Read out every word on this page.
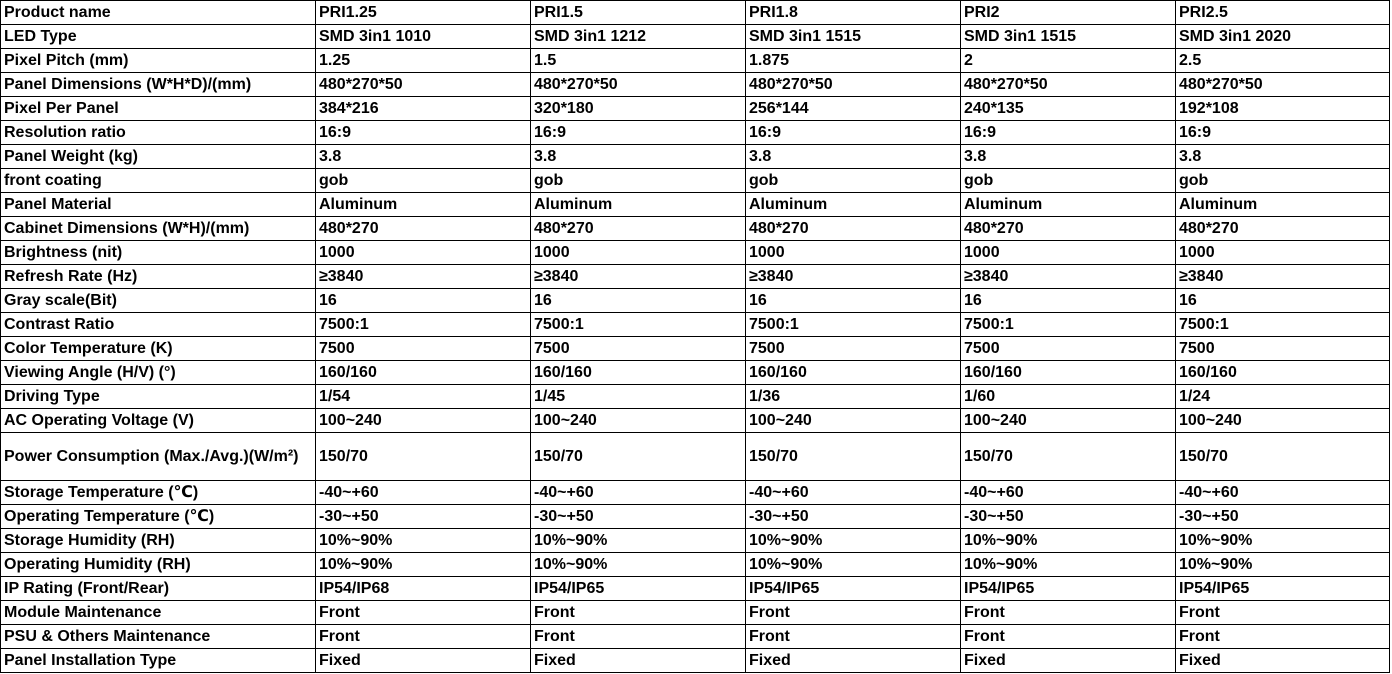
Product name	PRI1.25	PRI1.5	PRI1.8	PRI2	PRI2.5
LED Type	SMD 3in1 1010	SMD 3in1 1212	SMD 3in1 1515	SMD 3in1 1515	SMD 3in1 2020
Pixel Pitch (mm)	1.25	1.5	1.875	2	2.5
Panel Dimensions (W*H*D)/(mm)	480*270*50	480*270*50	480*270*50	480*270*50	480*270*50
Pixel Per Panel	384*216	320*180	256*144	240*135	192*108
Resolution ratio	16:9	16:9	16:9	16:9	16:9
Panel Weight (kg)	3.8	3.8	3.8	3.8	3.8
front coating	gob	gob	gob	gob	gob
Panel Material	Aluminum	Aluminum	Aluminum	Aluminum	Aluminum
Cabinet Dimensions (W*H)/(mm)	480*270	480*270	480*270	480*270	480*270
Brightness (nit)	1000	1000	1000	1000	1000
Refresh Rate (Hz)	≥3840	≥3840	≥3840	≥3840	≥3840
Gray scale(Bit)	16	16	16	16	16
Contrast Ratio	7500:1	7500:1	7500:1	7500:1	7500:1
Color Temperature (K)	7500	7500	7500	7500	7500
Viewing Angle (H/V) (°)	160/160	160/160	160/160	160/160	160/160
Driving Type	1/54	1/45	1/36	1/60	1/24
AC Operating Voltage (V)	100~240	100~240	100~240	100~240	100~240
Power Consumption (Max./Avg.)(W/m²)	150/70	150/70	150/70	150/70	150/70
Storage Temperature (℃)	-40~+60	-40~+60	-40~+60	-40~+60	-40~+60
Operating Temperature (℃)	-30~+50	-30~+50	-30~+50	-30~+50	-30~+50
Storage Humidity (RH)	10%~90%	10%~90%	10%~90%	10%~90%	10%~90%
Operating Humidity (RH)	10%~90%	10%~90%	10%~90%	10%~90%	10%~90%
IP Rating (Front/Rear)	IP54/IP68	IP54/IP65	IP54/IP65	IP54/IP65	IP54/IP65
Module Maintenance	Front	Front	Front	Front	Front
PSU & Others Maintenance	Front	Front	Front	Front	Front
Panel Installation Type	Fixed	Fixed	Fixed	Fixed	Fixed
